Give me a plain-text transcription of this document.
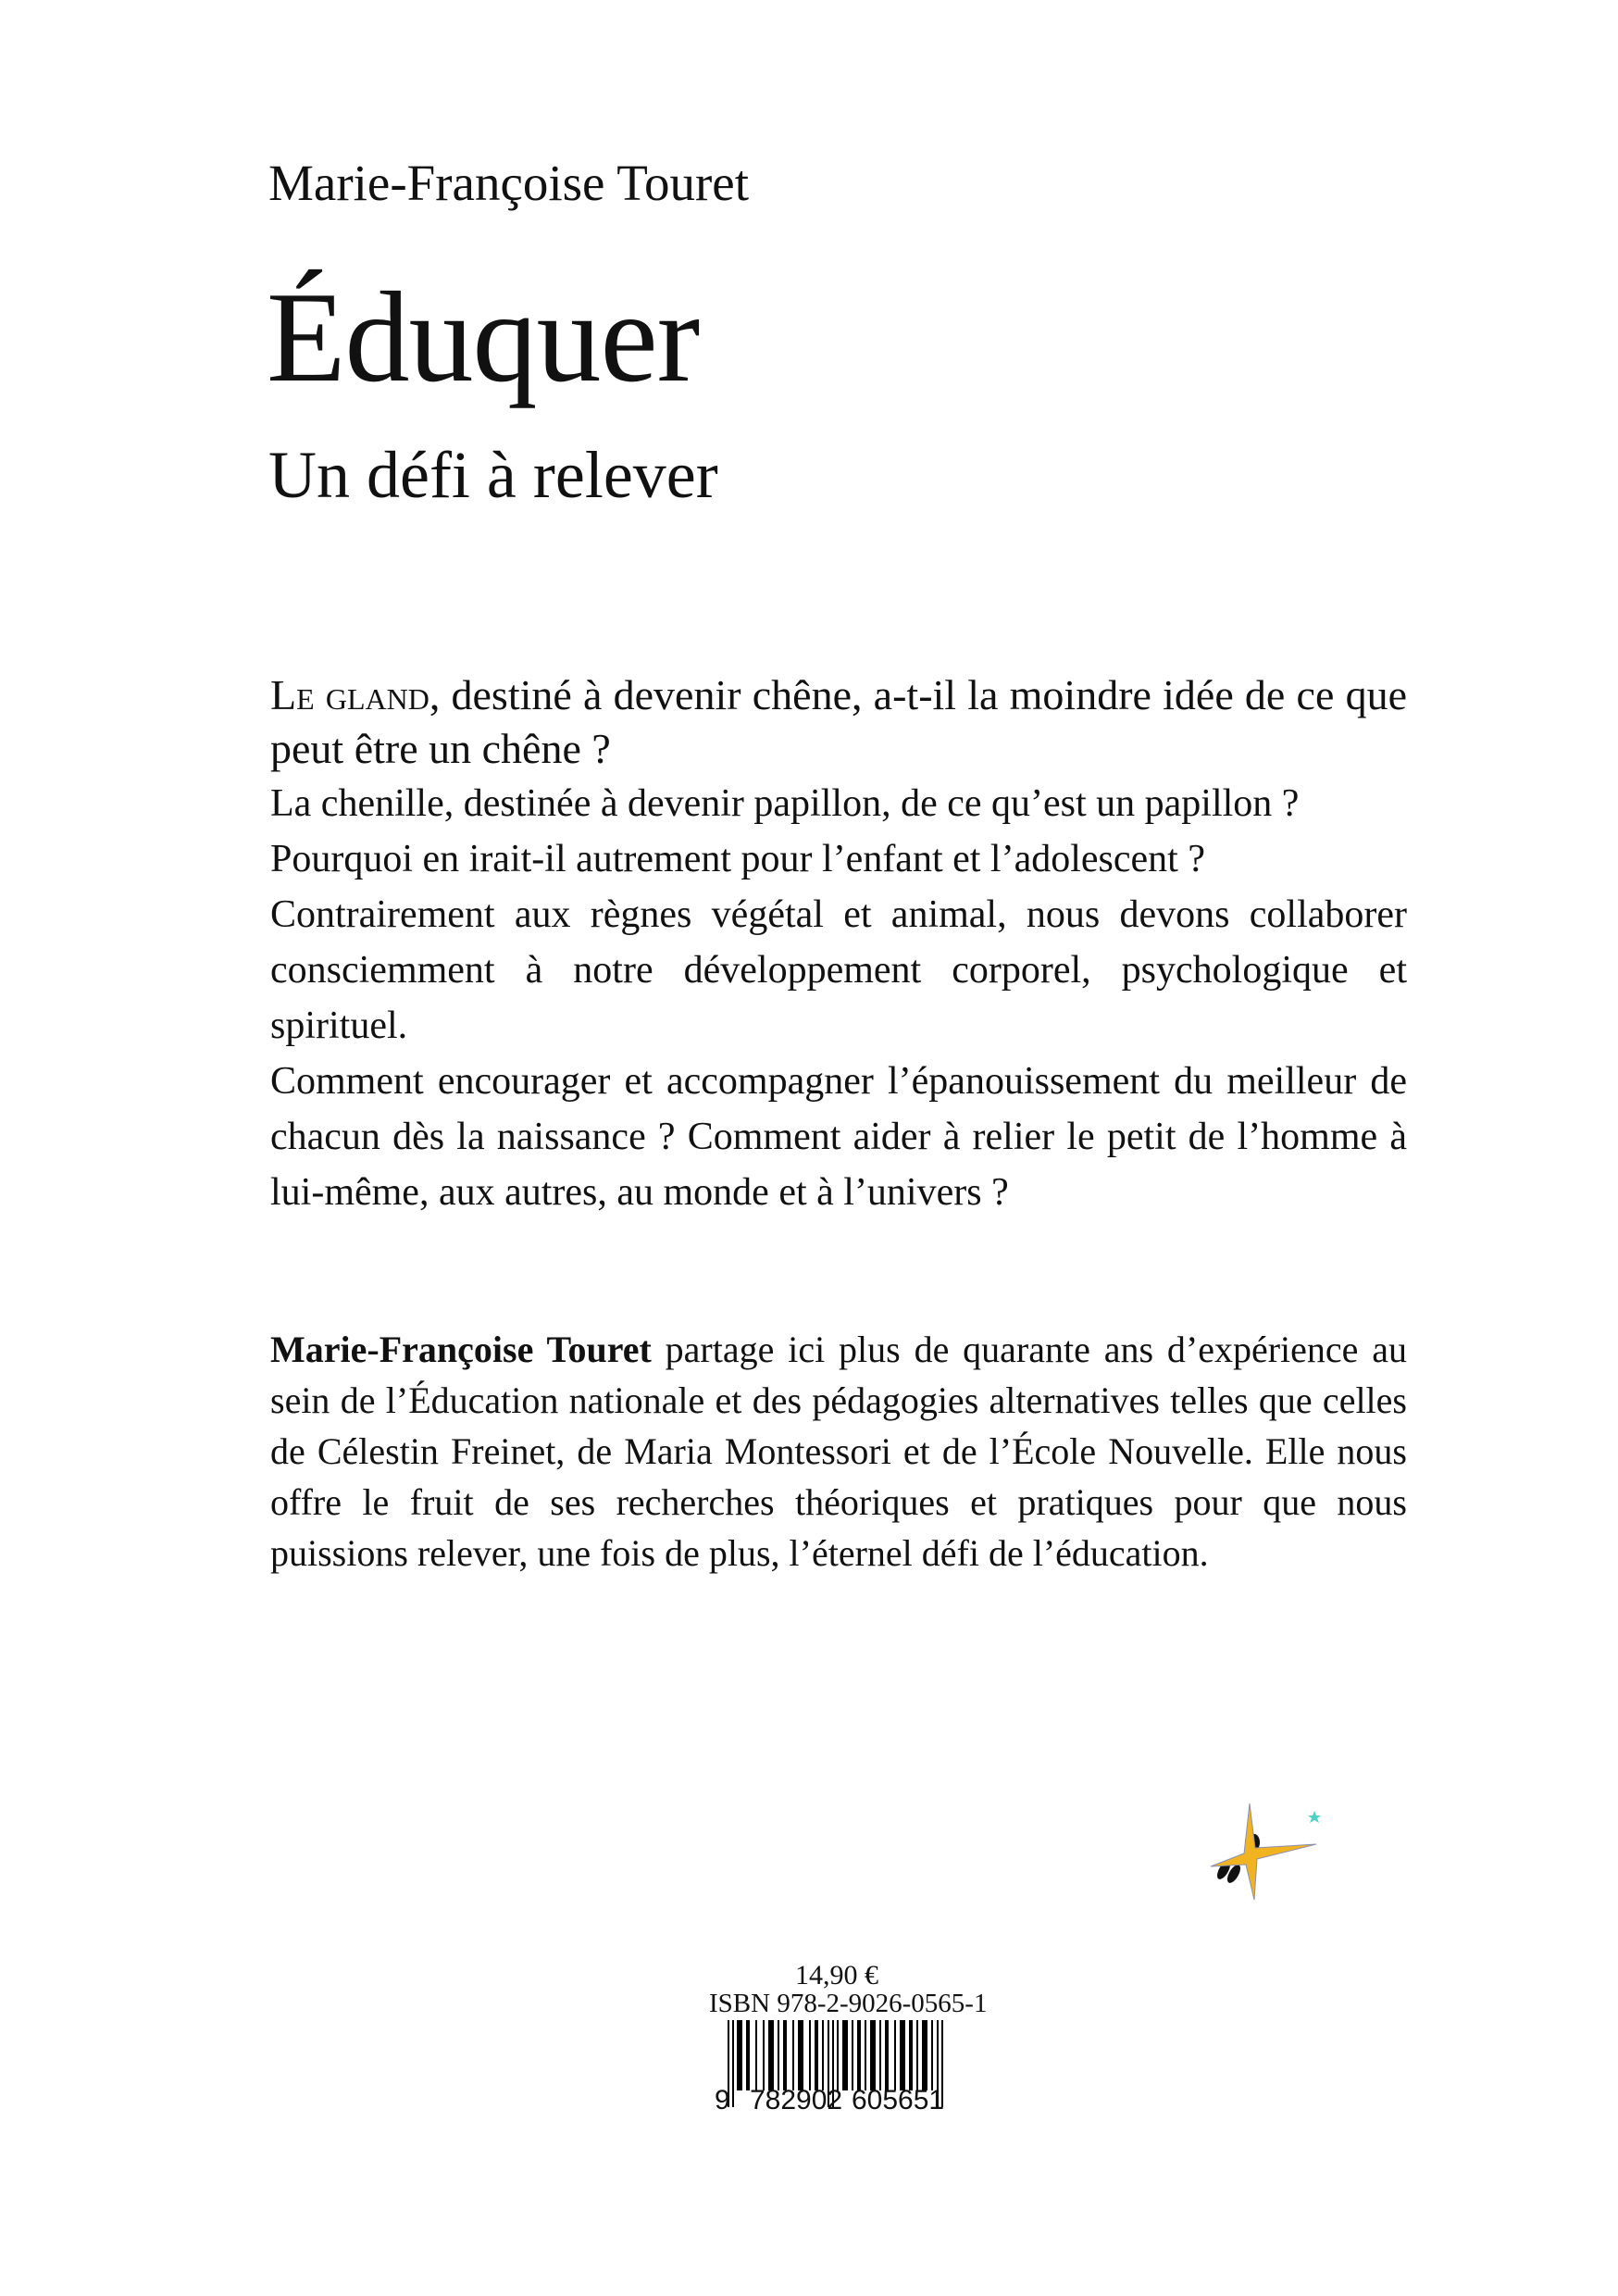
Marie-Françoise Touret
Éduquer
Un défi à relever

Le gland, destiné à devenir chêne, a-t-il la moindre idée de ce que peut être un chêne ?

La chenille, destinée à devenir papillon, de ce qu’est un papillon ?

Pourquoi en irait-il autrement pour l’enfant et l’adolescent ?

Contrairement aux règnes végétal et animal, nous devons collaborer consciemment à notre développement corporel, psychologique et spirituel.

Comment encourager et accompagner l’épanouissement du meilleur de chacun dès la naissance ? Comment aider à relier le petit de l’homme à lui-même, aux autres, au monde et à l’univers ?

Marie-Françoise Touret partage ici plus de quarante ans d’expérience au sein de l’Éducation nationale et des pédagogies alternatives telles que celles de Célestin Freinet, de Maria Montessori et de l’École Nouvelle. Elle nous offre le fruit de ses recherches théoriques et pratiques pour que nous puissions relever, une fois de plus, l’éternel défi de l’éducation.
14,90 €
ISBN 978-2-9026-0565-1
9 782902 605651
